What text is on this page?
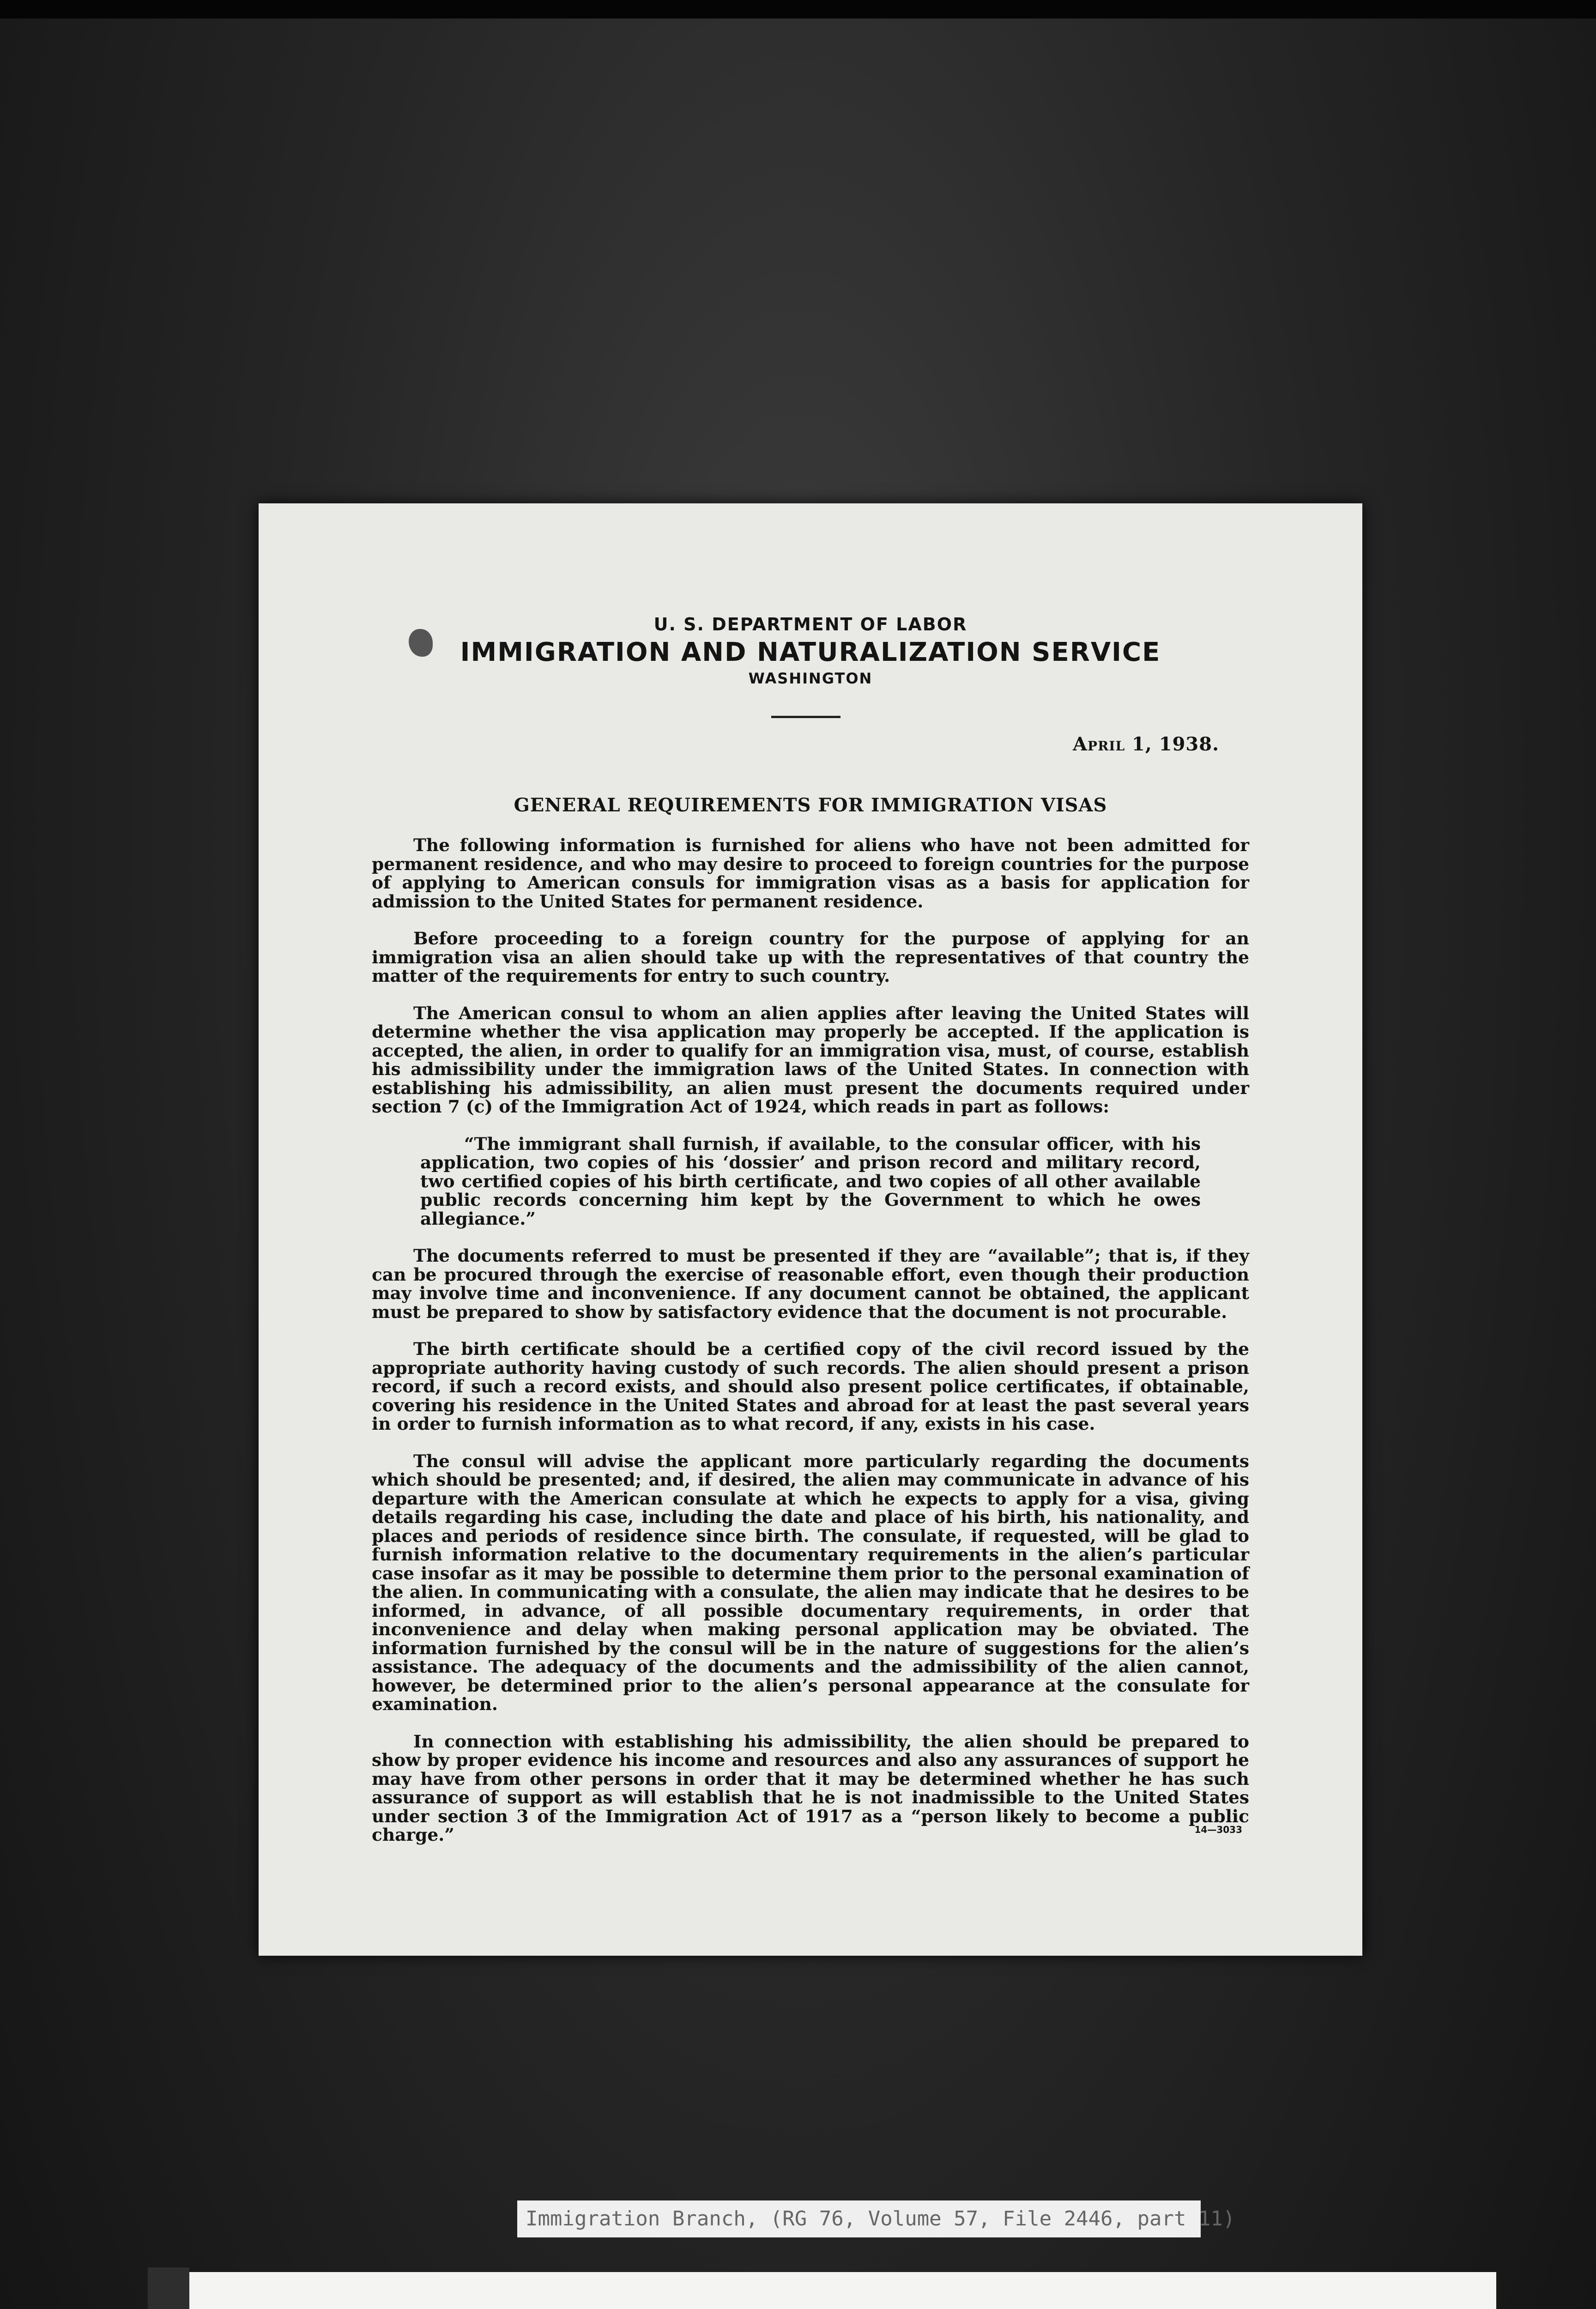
U. S. DEPARTMENT OF LABOR
IMMIGRATION AND NATURALIZATION SERVICE
WASHINGTON
April 1, 1938.
GENERAL REQUIREMENTS FOR IMMIGRATION VISAS

The following information is furnished for aliens who have not been admitted for permanent residence, and who may desire to proceed to foreign countries for the purpose of applying to American consuls for immigration visas as a basis for application for admission to the United States for permanent residence.

Before proceeding to a foreign country for the purpose of applying for an immigration visa an alien should take up with the representatives of that country the matter of the requirements for entry to such country.

The American consul to whom an alien applies after leaving the United States will determine whether the visa application may properly be accepted. If the application is accepted, the alien, in order to qualify for an immigration visa, must, of course, establish his admissibility under the immigration laws of the United States. In connection with establishing his admissibility, an alien must present the documents required under section 7 (c) of the Immigration Act of 1924, which reads in part as follows:

“The immigrant shall furnish, if available, to the consular officer, with his application, two copies of his ‘dossier’ and prison record and military record, two certified copies of his birth certificate, and two copies of all other available public records concerning him kept by the Government to which he owes allegiance.”

The documents referred to must be presented if they are “available”; that is, if they can be procured through the exercise of reasonable effort, even though their production may involve time and inconvenience. If any document cannot be obtained, the applicant must be prepared to show by satisfactory evidence that the document is not procurable.

The birth certificate should be a certified copy of the civil record issued by the appropriate authority having custody of such records. The alien should present a prison record, if such a record exists, and should also present police certificates, if obtainable, covering his residence in the United States and abroad for at least the past several years in order to furnish information as to what record, if any, exists in his case.

The consul will advise the applicant more particularly regarding the documents which should be presented; and, if desired, the alien may communicate in advance of his departure with the American consulate at which he expects to apply for a visa, giving details regarding his case, including the date and place of his birth, his nationality, and places and periods of residence since birth. The consulate, if requested, will be glad to furnish information relative to the documentary requirements in the alien’s particular case insofar as it may be possible to determine them prior to the personal examination of the alien. In communicating with a consulate, the alien may indicate that he desires to be informed, in advance, of all possible documentary requirements, in order that inconvenience and delay when making personal application may be obviated. The information furnished by the consul will be in the nature of suggestions for the alien’s assistance. The adequacy of the documents and the admissibility of the alien cannot, however, be determined prior to the alien’s personal appearance at the consulate for examination.

In connection with establishing his admissibility, the alien should be prepared to show by proper evidence his income and resources and also any assurances of support he may have from other persons in order that it may be determined whether he has such assurance of support as will establish that he is not inadmissible to the United States under section 3 of the Immigration Act of 1917 as a “person likely to become a public charge.”	14—3033
Immigration Branch, (RG 76, Volume 57, File 2446, part 11)
